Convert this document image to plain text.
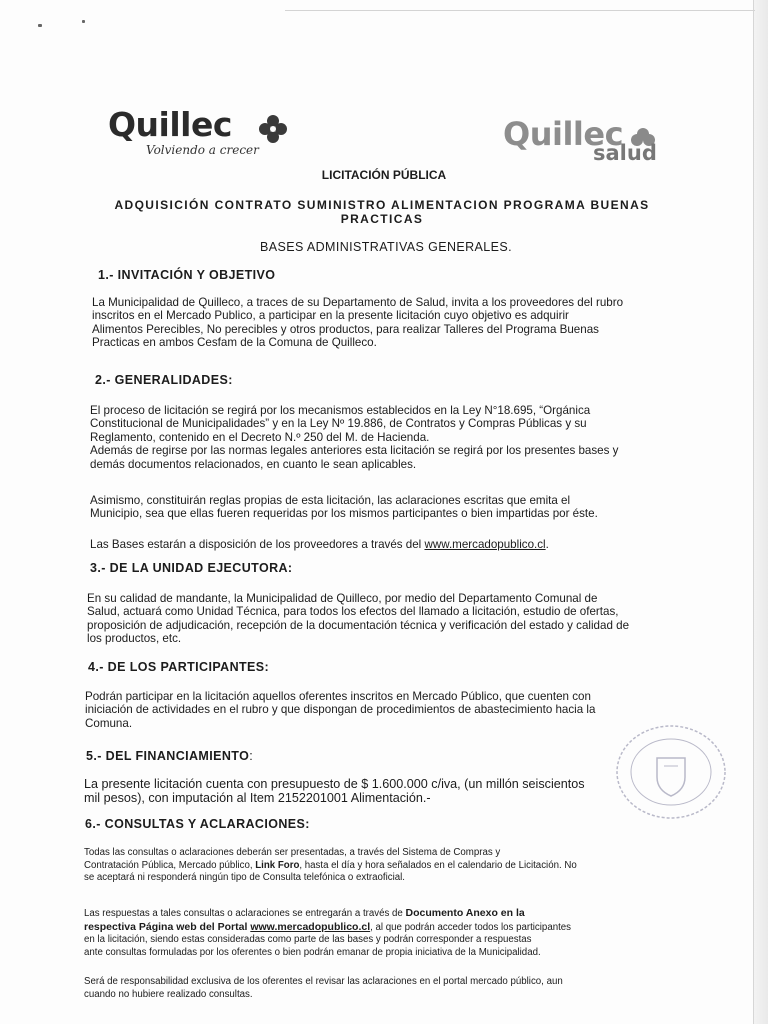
Quillec
Volviendo a crecer	Quillec
salud
LICITACIÓN PÚBLICA
ADQUISICIÓN CONTRATO SUMINISTRO ALIMENTACION PROGRAMA BUENAS
PRACTICAS
BASES ADMINISTRATIVAS GENERALES.
1.- INVITACIÓN Y OBJETIVO
La Municipalidad de Quilleco, a traces de su Departamento de Salud, invita a los proveedores del rubro
inscritos en el Mercado Publico, a participar en la presente licitación cuyo objetivo es adquirir
Alimentos Perecibles, No perecibles y otros productos, para realizar Talleres del Programa Buenas
Practicas en ambos Cesfam de la Comuna de Quilleco.
2.- GENERALIDADES:
El proceso de licitación se regirá por los mecanismos establecidos en la Ley N°18.695, “Orgánica
Constitucional de Municipalidades” y en la Ley Nº 19.886, de Contratos y Compras Públicas y su
Reglamento, contenido en el Decreto N.º 250 del M. de Hacienda.
Además de regirse por las normas legales anteriores esta licitación se regirá por los presentes bases y
demás documentos relacionados, en cuanto le sean aplicables.
Asimismo, constituirán reglas propias de esta licitación, las aclaraciones escritas que emita el
Municipio, sea que ellas fueren requeridas por los mismos participantes o bien impartidas por éste.
Las Bases estarán a disposición de los proveedores a través del www.mercadopublico.cl.
3.- DE LA UNIDAD EJECUTORA:
En su calidad de mandante, la Municipalidad de Quilleco, por medio del Departamento Comunal de
Salud, actuará como Unidad Técnica, para todos los efectos del llamado a licitación, estudio de ofertas,
proposición de adjudicación, recepción de la documentación técnica y verificación del estado y calidad de
los productos, etc.
4.- DE LOS PARTICIPANTES:
Podrán participar en la licitación aquellos oferentes inscritos en Mercado Público, que cuenten con
iniciación de actividades en el rubro y que dispongan de procedimientos de abastecimiento hacia la
Comuna.
5.- DEL FINANCIAMIENTO:
La presente licitación cuenta con presupuesto de $ 1.600.000 c/iva, (un millón seiscientos
mil pesos), con imputación al Item 2152201001 Alimentación.-
6.- CONSULTAS Y ACLARACIONES:
Todas las consultas o aclaraciones deberán ser presentadas, a través del Sistema de Compras y
Contratación Pública, Mercado público, Link Foro, hasta el día y hora señalados en el calendario de Licitación. No
se aceptará ni responderá ningún tipo de Consulta telefónica o extraoficial.
Las respuestas a tales consultas o aclaraciones se entregarán a través de Documento Anexo en la
respectiva Página web del Portal www.mercadopublico.cl, al que podrán acceder todos los participantes
en la licitación, siendo estas consideradas como parte de las bases y podrán corresponder a respuestas
ante consultas formuladas por los oferentes o bien podrán emanar de propia iniciativa de la Municipalidad.
Será de responsabilidad exclusiva de los oferentes el revisar las aclaraciones en el portal mercado público, aun
cuando no hubiere realizado consultas.
